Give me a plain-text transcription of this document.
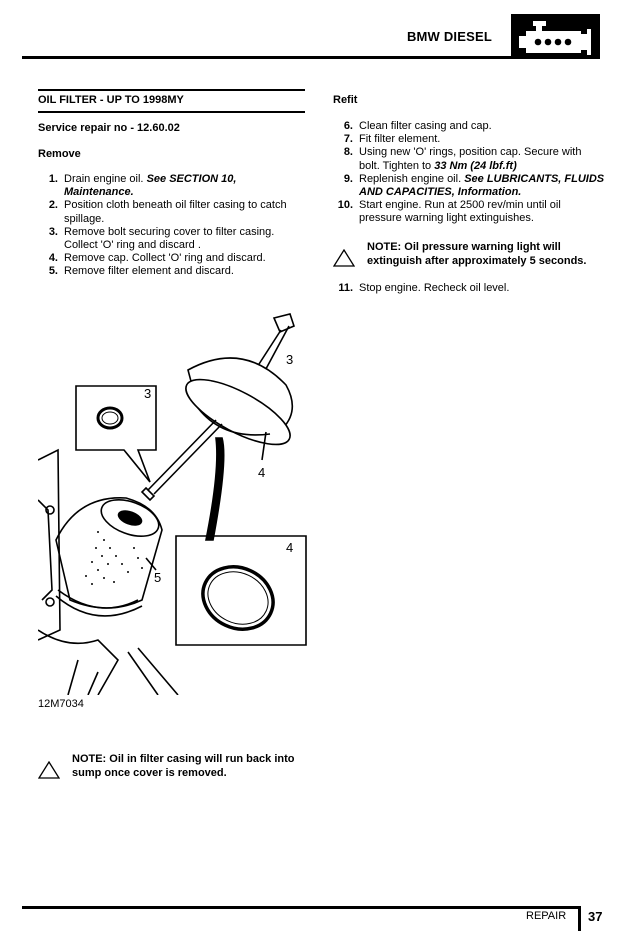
BMW DIESEL
OIL FILTER - UP TO 1998MY
Service repair no - 12.60.02
Remove
1. Drain engine oil. See SECTION 10, Maintenance.
2. Position cloth beneath oil filter casing to catch spillage.
3. Remove bolt securing cover to filter casing. Collect 'O' ring and discard .
4. Remove cap. Collect 'O' ring and discard.
5. Remove filter element and discard.
3
3
4
4
5
12M7034
NOTE: Oil in filter casing will run back into sump once cover is removed.
Refit
6. Clean filter casing and cap.
7. Fit filter element.
8. Using new 'O' rings, position cap. Secure with bolt. Tighten to 33 Nm (24 lbf.ft)
9. Replenish engine oil. See LUBRICANTS, FLUIDS AND CAPACITIES, Information.
10. Start engine. Run at 2500 rev/min until oil pressure warning light extinguishes.
NOTE: Oil pressure warning light will extinguish after approximately 5 seconds.
11. Stop engine. Recheck oil level.
REPAIR 37
